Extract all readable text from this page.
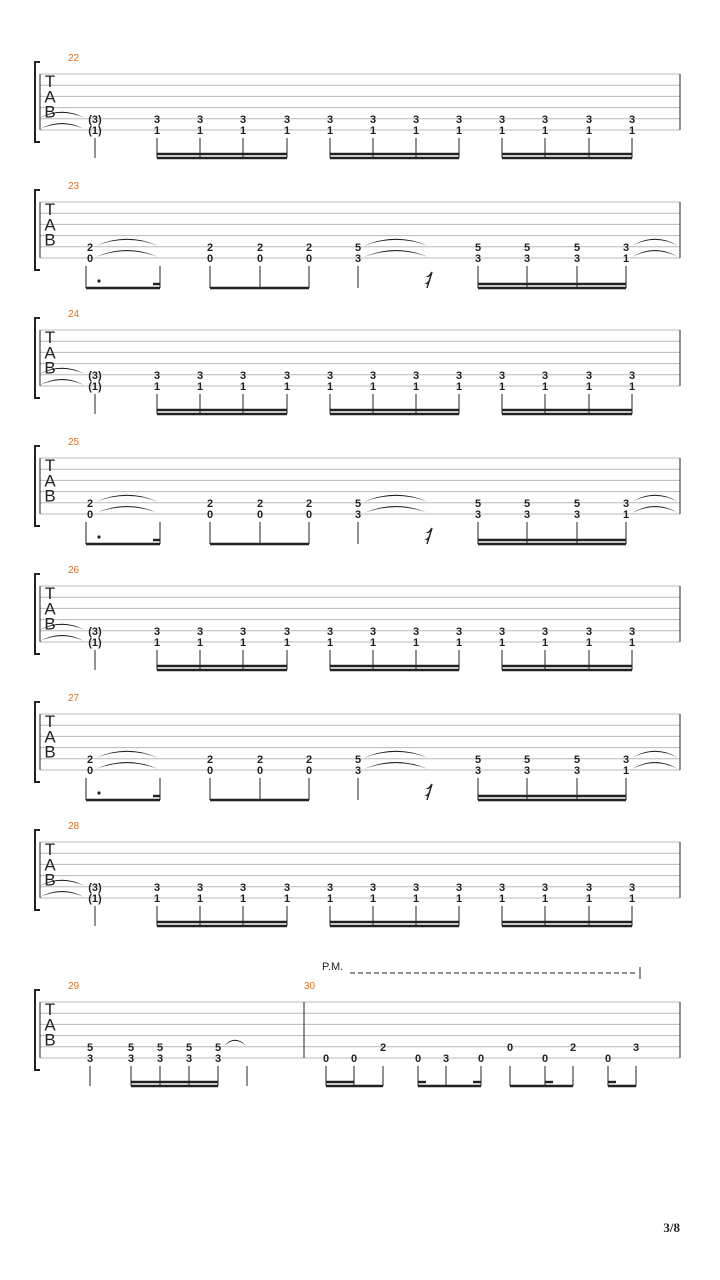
T
A
B
22
(3)
(1)
3
1
3
1
3
1
3
1
3
1
3
1
3
1
3
1
3
1
3
1
3
1
3
1
T
A
B
23
2
0
2
0
2
0
2
0
5
3
5
3
5
3
5
3
3
1
T
A
B
24
(3)
(1)
3
1
3
1
3
1
3
1
3
1
3
1
3
1
3
1
3
1
3
1
3
1
3
1
T
A
B
25
2
0
2
0
2
0
2
0
5
3
5
3
5
3
5
3
3
1
T
A
B
26
(3)
(1)
3
1
3
1
3
1
3
1
3
1
3
1
3
1
3
1
3
1
3
1
3
1
3
1
T
A
B
27
2
0
2
0
2
0
2
0
5
3
5
3
5
3
5
3
3
1
T
A
B
28
(3)
(1)
3
1
3
1
3
1
3
1
3
1
3
1
3
1
3
1
3
1
3
1
3
1
3
1
T
A
B
29	30
5
3
5
3
5
3
5
3
5
3	0 0
2
0 3	0
0
0
2
0
3
P.M.
3/8
